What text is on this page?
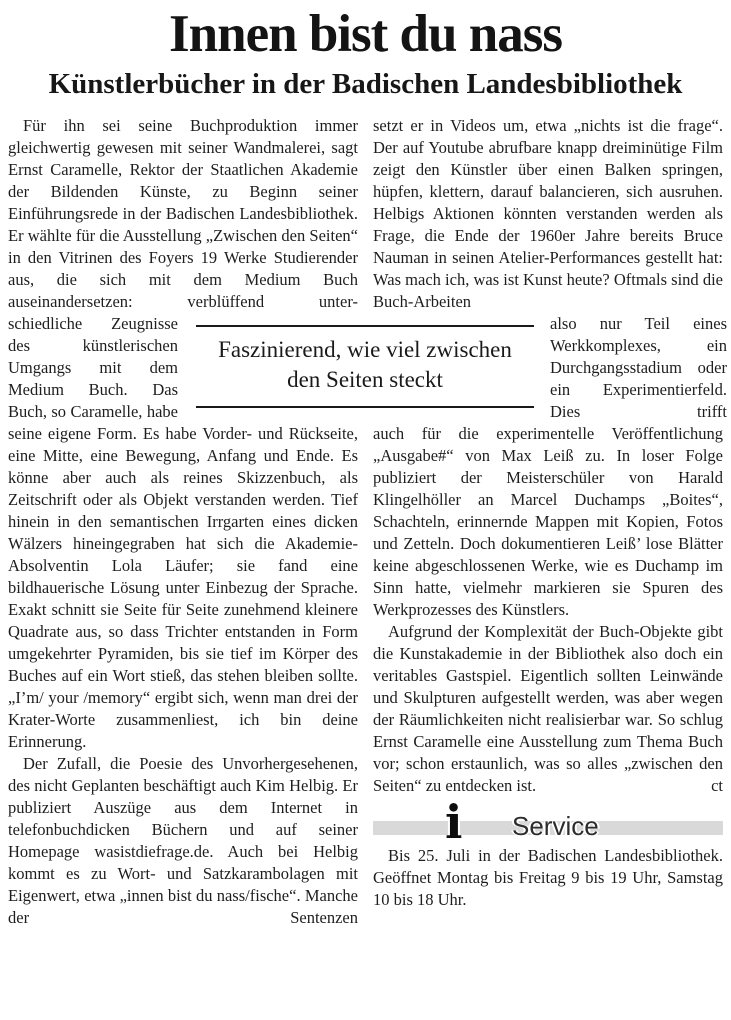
Innen bist du nass
Künstlerbücher in der Badischen Landesbibliothek

Für ihn sei seine Buchproduktion immer gleichwertig gewesen mit seiner Wandmalerei, sagt Ernst Caramelle, Rektor der Staatlichen Akademie der Bildenden Künste, zu Beginn seiner Einführungsrede in der Badischen Landesbibliothek. Er wählte für die Ausstellung „Zwischen den Seiten“ in den Vitrinen des Foyers 19 Werke Studierender aus, die sich mit dem Medium Buch auseinandersetzen: verblüffend unter-

setzt er in Videos um, etwa „nichts ist die frage“. Der auf Youtube abrufbare knapp dreiminütige Film zeigt den Künstler über einen Balken springen, hüpfen, klettern, darauf balancieren, sich ausruhen. Helbigs Aktionen könnten verstanden werden als Frage, die Ende der 1960er Jahre bereits Bruce Nauman in seinen Atelier-Performances gestellt hat: Was mach ich, was ist Kunst heute? Oftmals sind die Buch-Arbeiten

schiedliche Zeugnisse des künstlerischen Umgangs mit dem Medium Buch. Das Buch, so Caramelle, habe

Faszinierend, wie viel zwischen den Seiten steckt

also nur Teil eines Werkkomplexes, ein Durchgangsstadium oder ein Experimentierfeld. Dies trifft

seine eigene Form. Es habe Vorder- und Rückseite, eine Mitte, eine Bewegung, Anfang und Ende. Es könne aber auch als reines Skizzenbuch, als Zeitschrift oder als Objekt verstanden werden. Tief hinein in den semantischen Irrgarten eines dicken Wälzers hineingegraben hat sich die Akademie-Absolventin Lola Läufer; sie fand eine bildhauerische Lösung unter Einbezug der Sprache. Exakt schnitt sie Seite für Seite zunehmend kleinere Quadrate aus, so dass Trichter entstanden in Form umgekehrter Pyramiden, bis sie tief im Körper des Buches auf ein Wort stieß, das stehen bleiben sollte. „I’m/ your /memory“ ergibt sich, wenn man drei der Krater-Worte zusammenliest, ich bin deine Erinnerung.

Der Zufall, die Poesie des Unvorhergesehenen, des nicht Geplanten beschäftigt auch Kim Helbig. Er publiziert Auszüge aus dem Internet in telefonbuchdicken Büchern und auf seiner Homepage wasistdiefrage.de. Auch bei Helbig kommt es zu Wort- und Satzkarambolagen mit Eigenwert, etwa „innen bist du nass/fische“. Manche der Sentenzen

auch für die experimentelle Veröffentlichung „Ausgabe#“ von Max Leiß zu. In loser Folge publiziert der Meisterschüler von Harald Klingelhöller an Marcel Duchamps „Boites“, Schachteln, erinnernde Mappen mit Kopien, Fotos und Zetteln. Doch dokumentieren Leiß’ lose Blätter keine abgeschlossenen Werke, wie es Duchamp im Sinn hatte, vielmehr markieren sie Spuren des Werkprozesses des Künstlers.

Aufgrund der Komplexität der Buch-Objekte gibt die Kunstakademie in der Bibliothek also doch ein veritables Gastspiel. Eigentlich sollten Leinwände und Skulpturen aufgestellt werden, was aber wegen der Räumlichkeiten nicht realisierbar war. So schlug Ernst Caramelle eine Ausstellung zum Thema Buch vor; schon erstaunlich, was so alles „zwischen den Seiten“ zu entdecken ist.	ct

i Service

Bis 25. Juli in der Badischen Landesbibliothek. Geöffnet Montag bis Freitag 9 bis 19 Uhr, Samstag 10 bis 18 Uhr.
